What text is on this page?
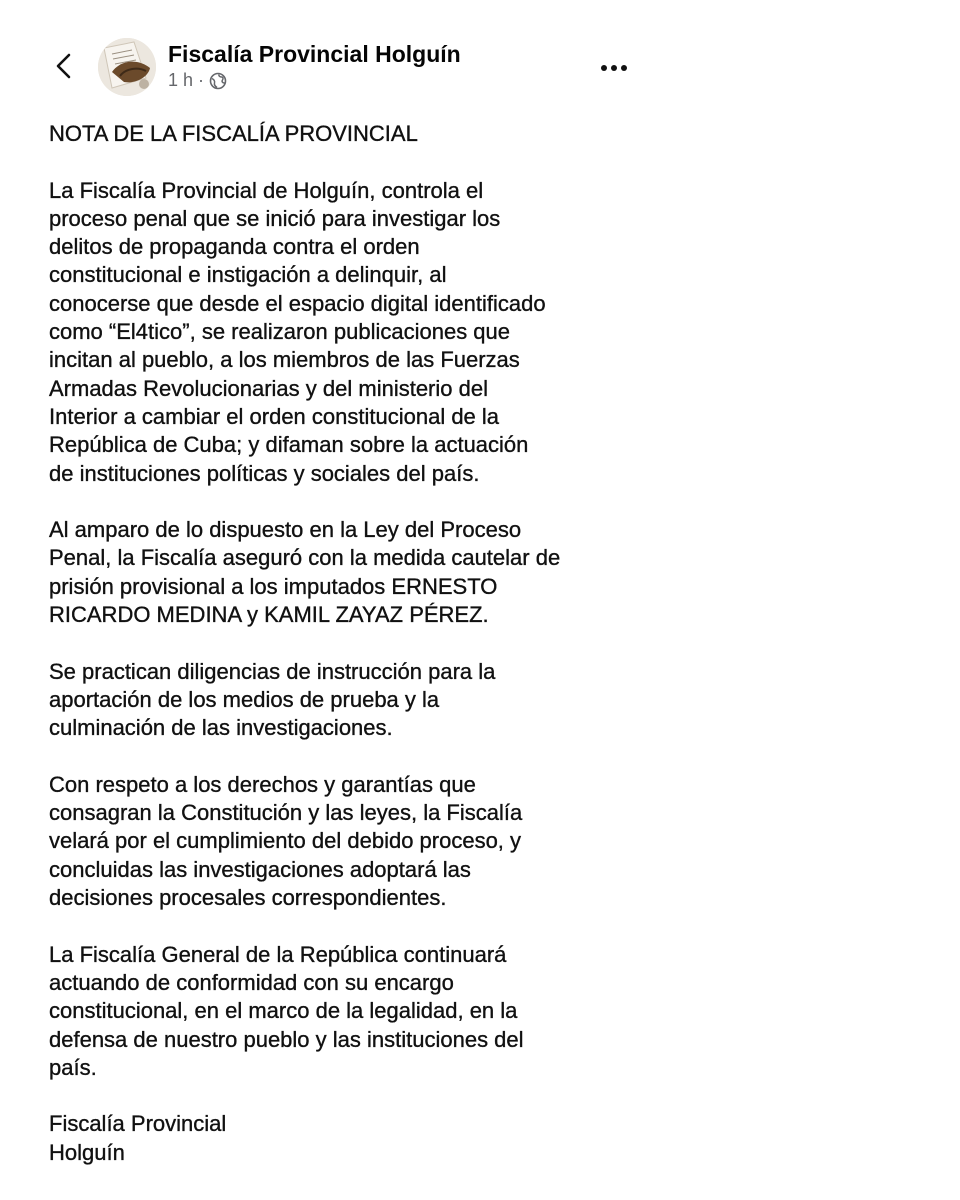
Fiscalía Provincial Holguín
1 h ·

NOTA DE LA FISCALÍA PROVINCIAL

La Fiscalía Provincial de Holguín, controla el
proceso penal que se inició para investigar los
delitos de propaganda contra el orden
constitucional e instigación a delinquir, al
conocerse que desde el espacio digital identificado
como “El4tico”, se realizaron publicaciones que
incitan al pueblo, a los miembros de las Fuerzas
Armadas Revolucionarias y del ministerio del
Interior a cambiar el orden constitucional de la
República de Cuba; y difaman sobre la actuación
de instituciones políticas y sociales del país.

Al amparo de lo dispuesto en la Ley del Proceso
Penal, la Fiscalía aseguró con la medida cautelar de
prisión provisional a los imputados ERNESTO
RICARDO MEDINA y KAMIL ZAYAZ PÉREZ.

Se practican diligencias de instrucción para la
aportación de los medios de prueba y la
culminación de las investigaciones.

Con respeto a los derechos y garantías que
consagran la Constitución y las leyes, la Fiscalía
velará por el cumplimiento del debido proceso, y
concluidas las investigaciones adoptará las
decisiones procesales correspondientes.

La Fiscalía General de la República continuará
actuando de conformidad con su encargo
constitucional, en el marco de la legalidad, en la
defensa de nuestro pueblo y las instituciones del
país.

Fiscalía Provincial
Holguín
